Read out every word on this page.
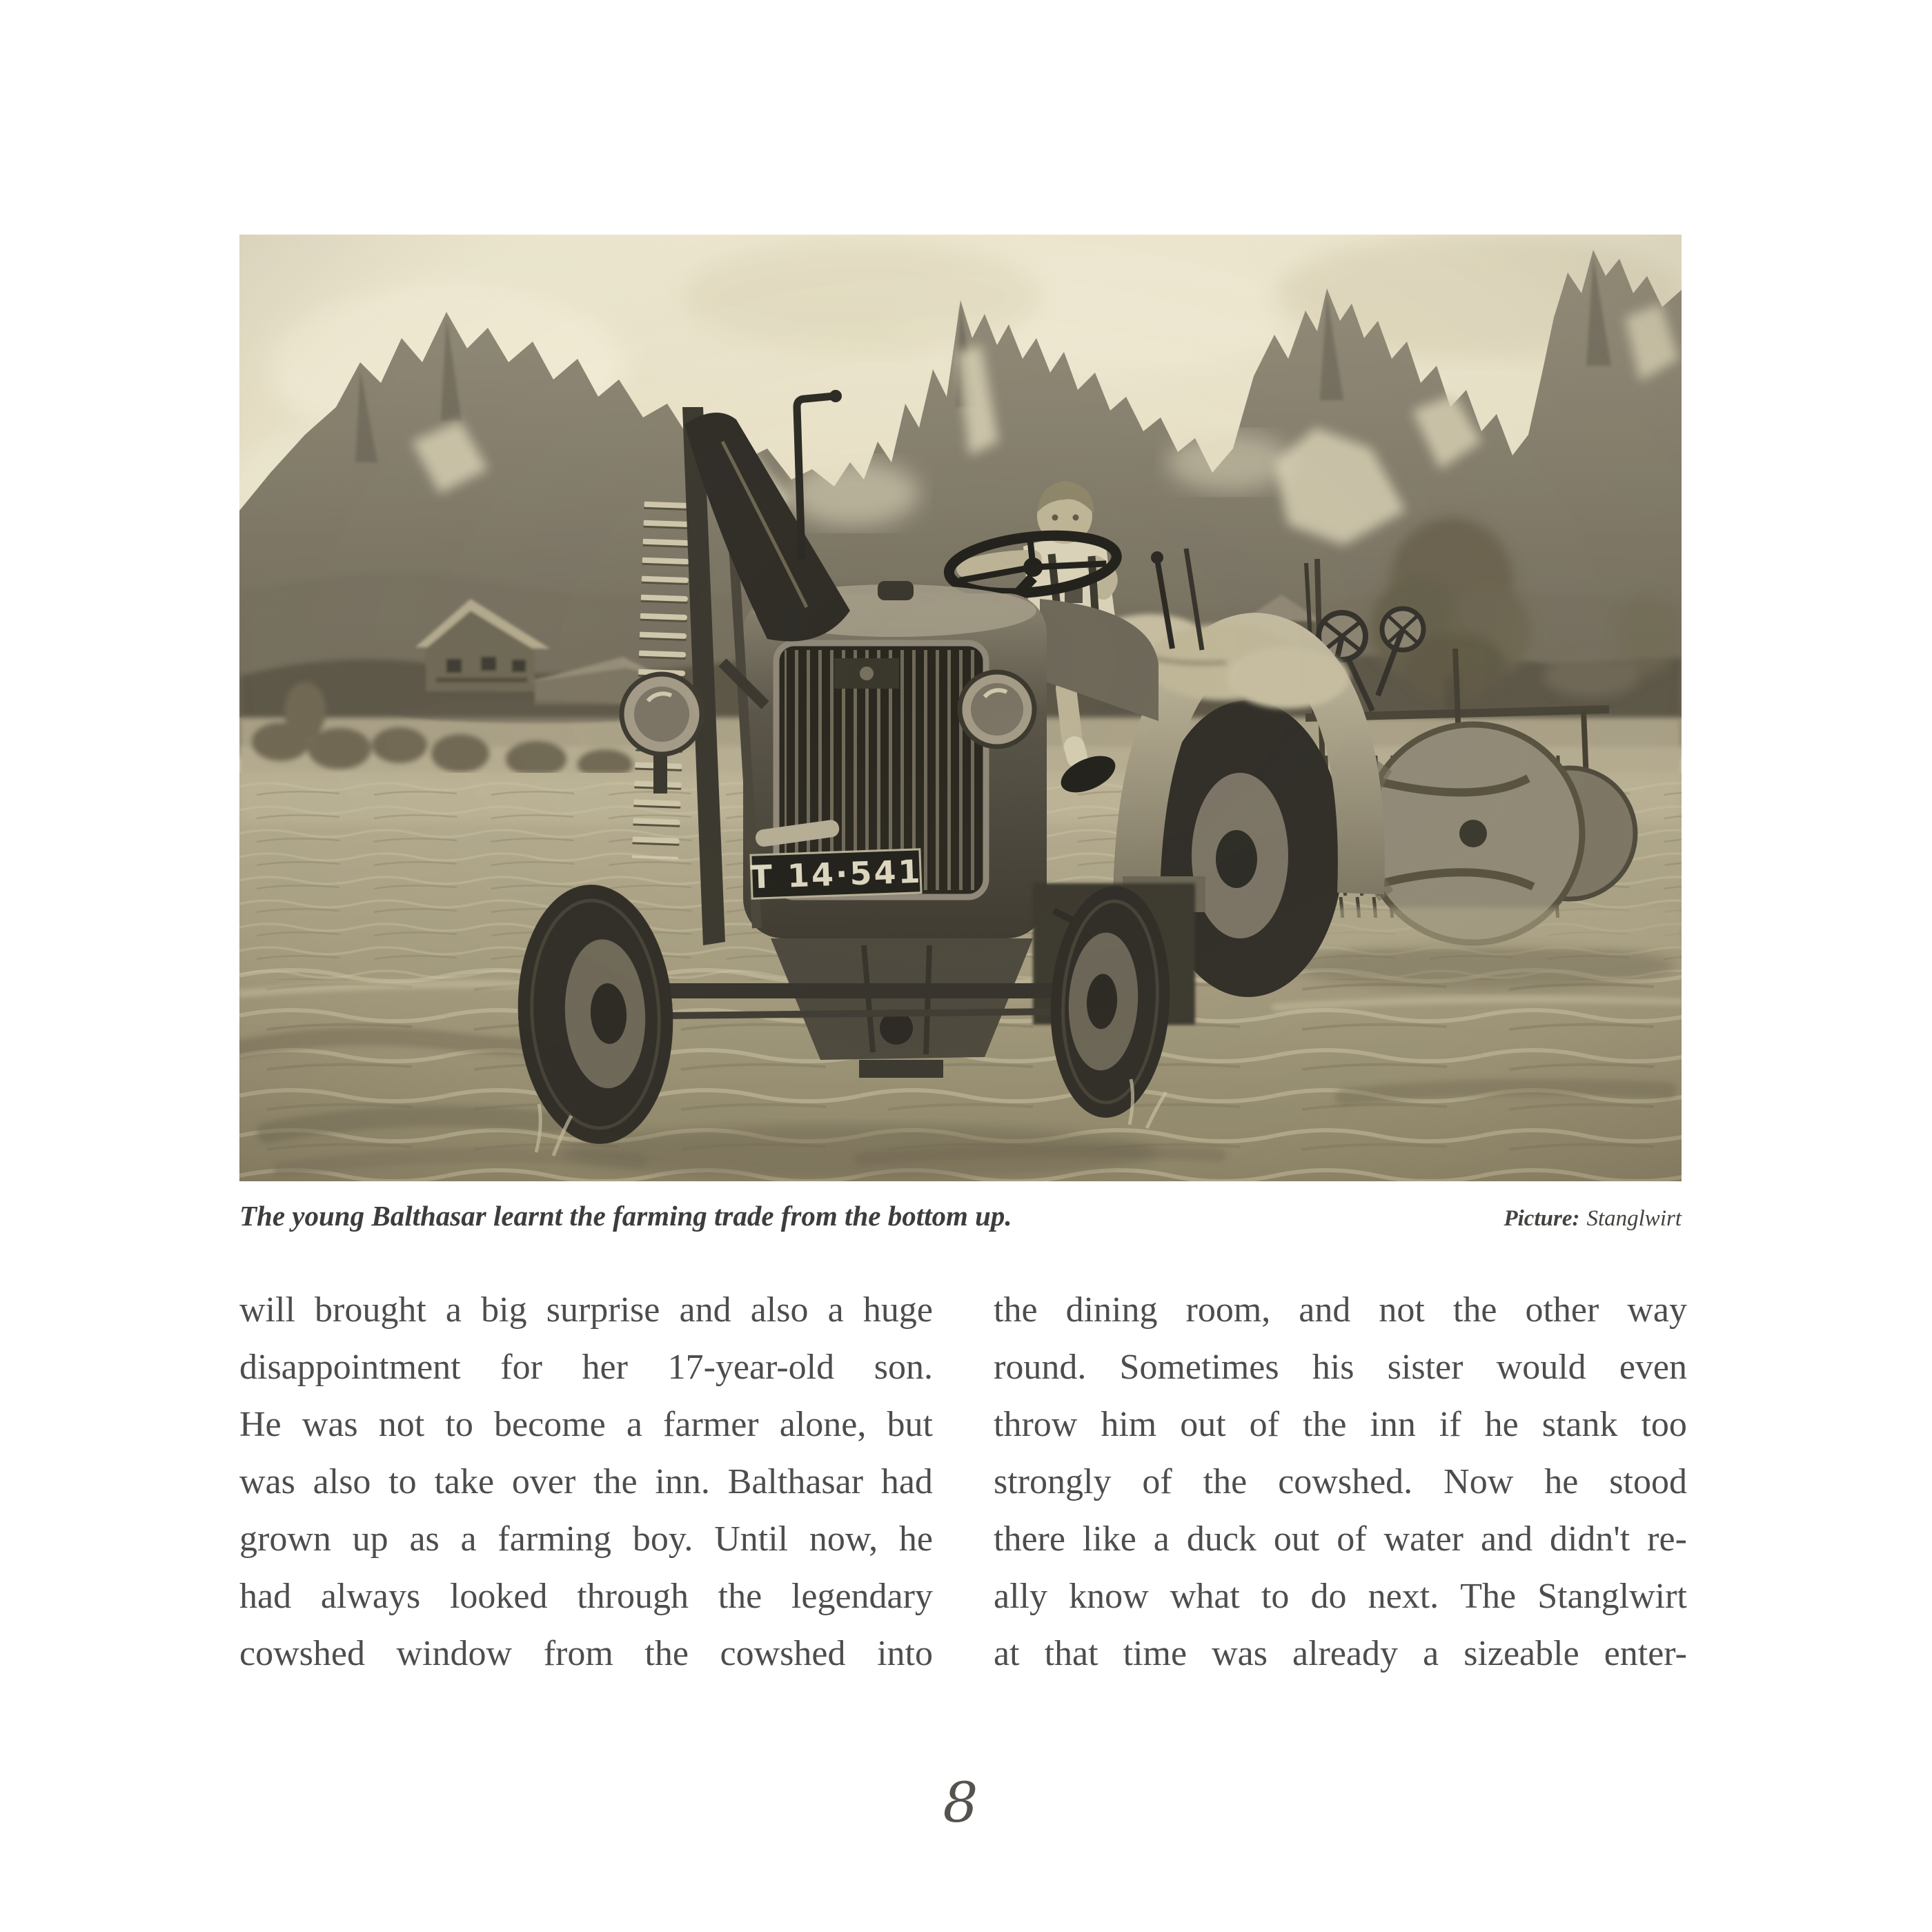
The young Balthasar learnt the farming trade from the bottom up.	Picture: Stanglwirt
will brought a big surprise and also a huge
disappointment for her 17-year-old son.
He was not to become a farmer alone, but
was also to take over the inn. Balthasar had
grown up as a farming boy. Until now, he
had always looked through the legendary
cowshed window from the cowshed into
the dining room, and not the other way
round. Sometimes his sister would even
throw him out of the inn if he stank too
strongly of the cowshed. Now he stood
there like a duck out of water and didn't re-
ally know what to do next. The Stanglwirt
at that time was already a sizeable enter-
8
